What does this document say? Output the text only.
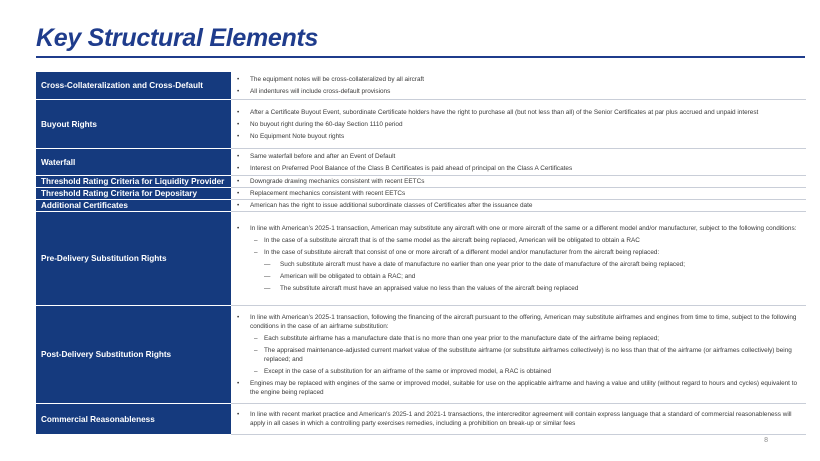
Key Structural Elements
Cross-Collateralization and Cross-Default
•	The equipment notes will be cross-collateralized by all aircraft
•	All indentures will include cross-default provisions
Buyout Rights
•	After a Certificate Buyout Event, subordinate Certificate holders have the right to purchase all (but not less than all) of the Senior Certificates at par plus accrued and unpaid interest
•	No buyout right during the 60-day Section 1110 period
•	No Equipment Note buyout rights
Waterfall
•	Same waterfall before and after an Event of Default
•	Interest on Preferred Pool Balance of the Class B Certificates is paid ahead of principal on the Class A Certificates
Threshold Rating Criteria for Liquidity Provider	•	Downgrade drawing mechanics consistent with recent EETCs
Threshold Rating Criteria for Depositary	•	Replacement mechanics consistent with recent EETCs
Additional Certificates	•	American has the right to issue additional subordinate classes of Certificates after the issuance date
Pre-Delivery Substitution Rights
•	In line with American’s 2025-1 transaction, American may substitute any aircraft with one or more aircraft of the same or a different model and/or manufacturer, subject to the following conditions:
–	In the case of a substitute aircraft that is of the same model as the aircraft being replaced, American will be obligated to obtain a RAC
–	In the case of substitute aircraft that consist of one or more aircraft of a different model and/or manufacturer from the aircraft being replaced:
—	Such substitute aircraft must have a date of manufacture no earlier than one year prior to the date of manufacture of the aircraft being replaced;
—	American will be obligated to obtain a RAC; and
—	The substitute aircraft must have an appraised value no less than the values of the aircraft being replaced
Post-Delivery Substitution Rights
•	In line with American’s 2025-1 transaction, following the financing of the aircraft pursuant to the offering, American may substitute airframes and engines from time to time, subject to the following conditions in the case of an airframe substitution:
–	Each substitute airframe has a manufacture date that is no more than one year prior to the manufacture date of the airframe being replaced;
–	The appraised maintenance-adjusted current market value of the substitute airframe (or substitute airframes collectively) is no less than that of the airframe (or airframes collectively) being replaced; and
–	Except in the case of a substitution for an airframe of the same or improved model, a RAC is obtained
•	Engines may be replaced with engines of the same or improved model, suitable for use on the applicable airframe and having a value and utility (without regard to hours and cycles) equivalent to the engine being replaced
Commercial Reasonableness	•	In line with recent market practice and American’s 2025-1 and 2021-1 transactions, the intercreditor agreement will contain express language that a standard of commercial reasonableness will apply in all cases in which a controlling party exercises remedies, including a prohibition on break-up or similar fees
8
